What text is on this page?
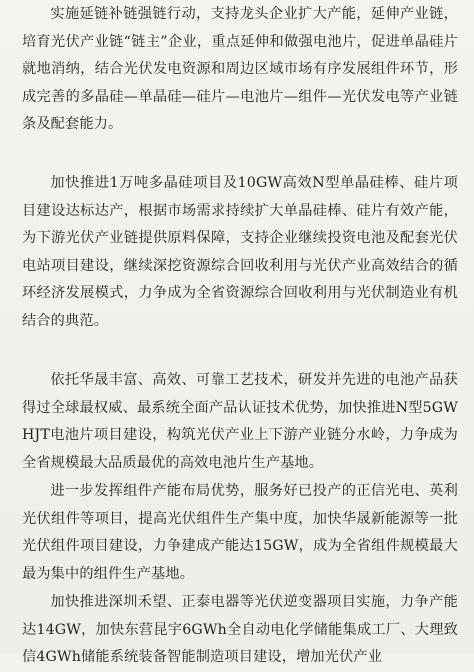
实施延链补链强链行动，支持龙头企业扩大产能，延伸产业链，培育光伏产业链“链主”企业，重点延伸和做强电池片，促进单晶硅片就地消纳，结合光伏发电资源和周边区域市场有序发展组件环节，形成完善的多晶硅—单晶硅—硅片—电池片—组件—光伏发电等产业链条及配套能力。

加快推进1万吨多晶硅项目及10GW高效N型单晶硅棒、硅片项目建设达标达产，根据市场需求持续扩大单晶硅棒、硅片有效产能，为下游光伏产业链提供原料保障，支持企业继续投资电池及配套光伏电站项目建设，继续深挖资源综合回收利用与光伏产业高效结合的循环经济发展模式，力争成为全省资源综合回收利用与光伏制造业有机结合的典范。

依托华晟丰富、高效、可靠工艺技术，研发并先进的电池产品获得过全球最权威、最系统全面产品认证技术优势，加快推进N型5GWHJT电池片项目建设，构筑光伏产业上下游产业链分水岭，力争成为全省规模最大品质最优的高效电池片生产基地。

进一步发挥组件产能布局优势，服务好已投产的正信光电、英利光伏组件等项目，提高光伏组件生产集中度，加快华晟新能源等一批光伏组件项目建设，力争建成产能达15GW，成为全省组件规模最大最为集中的组件生产基地。

加快推进深圳禾望、正泰电器等光伏逆变器项目实施，力争产能达14GW，加快东营昆宇6GWh全自动电化学储能集成工厂、大理致信4GWh储能系统装备智能制造项目建设，增加光伏产业
